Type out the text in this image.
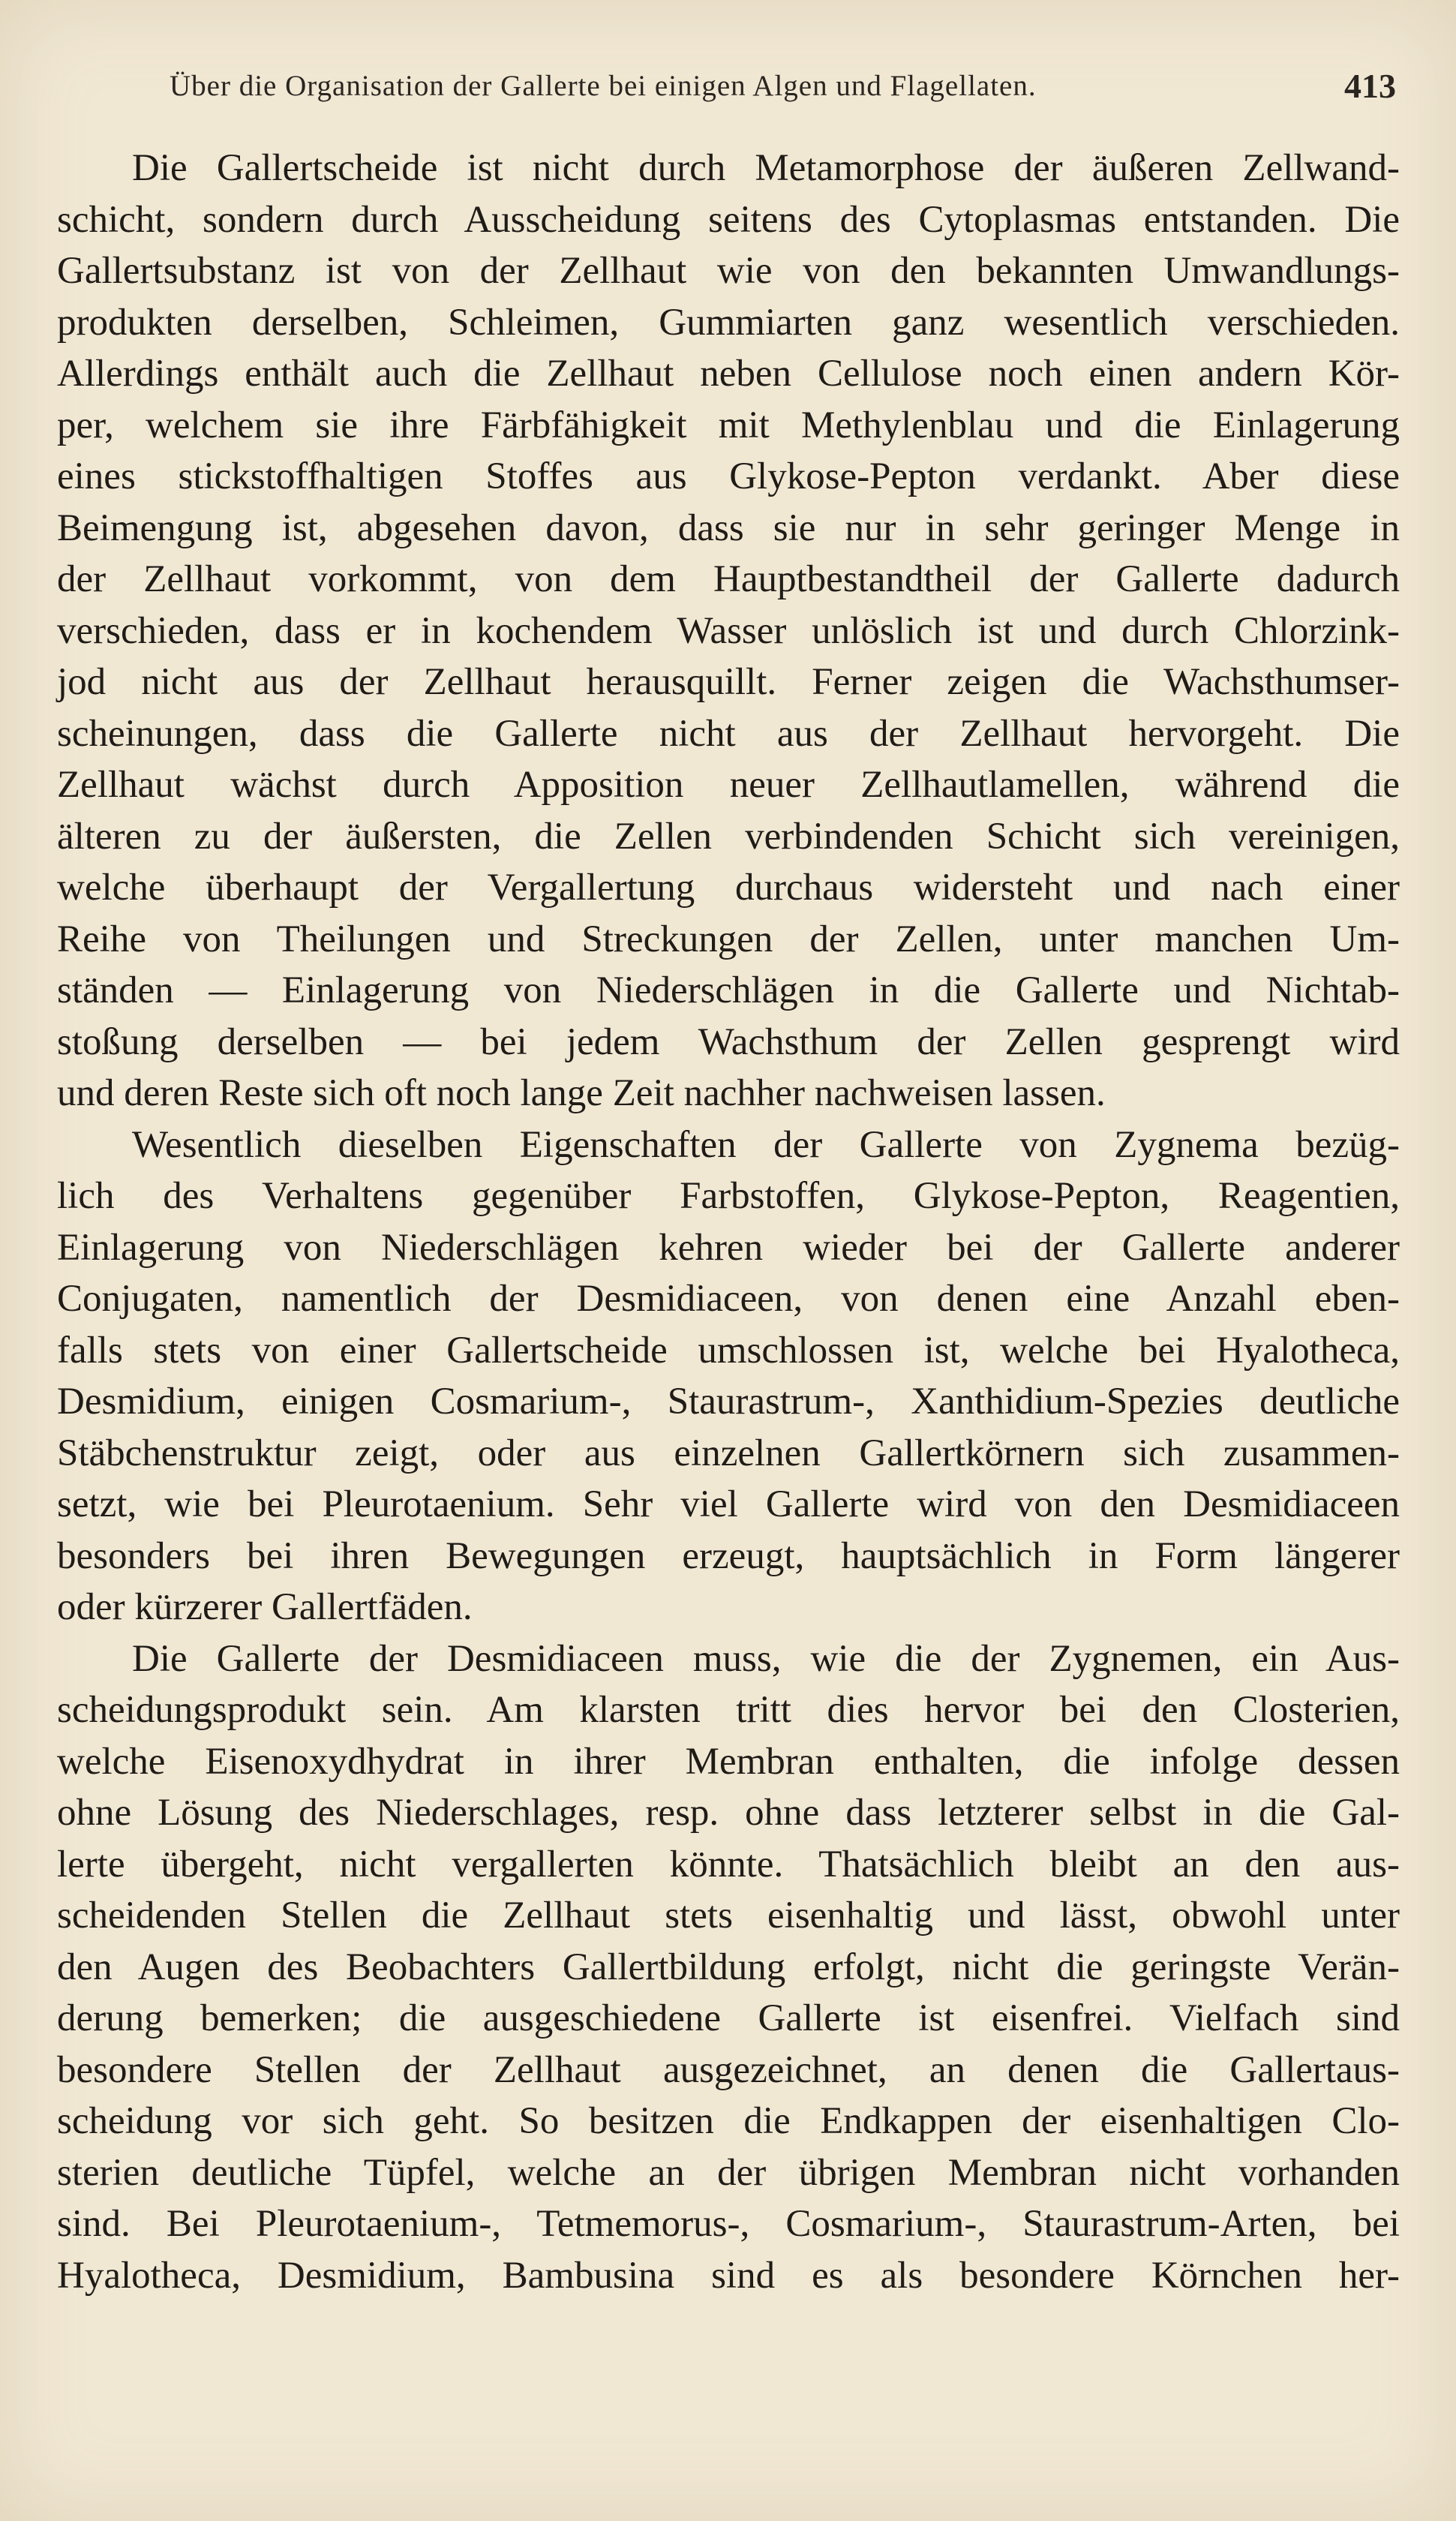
Über die Organisation der Gallerte bei einigen Algen und Flagellaten.	413
Die Gallertscheide ist nicht durch Metamorphose der äußeren Zellwand-
schicht, sondern durch Ausscheidung seitens des Cytoplasmas entstanden. Die
Gallertsubstanz ist von der Zellhaut wie von den bekannten Umwandlungs-
produkten derselben, Schleimen, Gummiarten ganz wesentlich verschieden.
Allerdings enthält auch die Zellhaut neben Cellulose noch einen andern Kör-
per, welchem sie ihre Färbfähigkeit mit Methylenblau und die Einlagerung
eines stickstoffhaltigen Stoffes aus Glykose-Pepton verdankt. Aber diese
Beimengung ist, abgesehen davon, dass sie nur in sehr geringer Menge in
der Zellhaut vorkommt, von dem Hauptbestandtheil der Gallerte dadurch
verschieden, dass er in kochendem Wasser unlöslich ist und durch Chlorzink-
jod nicht aus der Zellhaut herausquillt. Ferner zeigen die Wachsthumser-
scheinungen, dass die Gallerte nicht aus der Zellhaut hervorgeht. Die
Zellhaut wächst durch Apposition neuer Zellhautlamellen, während die
älteren zu der äußersten, die Zellen verbindenden Schicht sich vereinigen,
welche überhaupt der Vergallertung durchaus widersteht und nach einer
Reihe von Theilungen und Streckungen der Zellen, unter manchen Um-
ständen — Einlagerung von Niederschlägen in die Gallerte und Nichtab-
stoßung derselben — bei jedem Wachsthum der Zellen gesprengt wird
und deren Reste sich oft noch lange Zeit nachher nachweisen lassen.
Wesentlich dieselben Eigenschaften der Gallerte von Zygnema bezüg-
lich des Verhaltens gegenüber Farbstoffen, Glykose-Pepton, Reagentien,
Einlagerung von Niederschlägen kehren wieder bei der Gallerte anderer
Conjugaten, namentlich der Desmidiaceen, von denen eine Anzahl eben-
falls stets von einer Gallertscheide umschlossen ist, welche bei Hyalotheca,
Desmidium, einigen Cosmarium-, Staurastrum-, Xanthidium-Spezies deutliche
Stäbchenstruktur zeigt, oder aus einzelnen Gallertkörnern sich zusammen-
setzt, wie bei Pleurotaenium. Sehr viel Gallerte wird von den Desmidiaceen
besonders bei ihren Bewegungen erzeugt, hauptsächlich in Form längerer
oder kürzerer Gallertfäden.
Die Gallerte der Desmidiaceen muss, wie die der Zygnemen, ein Aus-
scheidungsprodukt sein. Am klarsten tritt dies hervor bei den Closterien,
welche Eisenoxydhydrat in ihrer Membran enthalten, die infolge dessen
ohne Lösung des Niederschlages, resp. ohne dass letzterer selbst in die Gal-
lerte übergeht, nicht vergallerten könnte. Thatsächlich bleibt an den aus-
scheidenden Stellen die Zellhaut stets eisenhaltig und lässt, obwohl unter
den Augen des Beobachters Gallertbildung erfolgt, nicht die geringste Verän-
derung bemerken; die ausgeschiedene Gallerte ist eisenfrei. Vielfach sind
besondere Stellen der Zellhaut ausgezeichnet, an denen die Gallertaus-
scheidung vor sich geht. So besitzen die Endkappen der eisenhaltigen Clo-
sterien deutliche Tüpfel, welche an der übrigen Membran nicht vorhanden
sind. Bei Pleurotaenium-, Tetmemorus-, Cosmarium-, Staurastrum-Arten, bei
Hyalotheca, Desmidium, Bambusina sind es als besondere Körnchen her-
